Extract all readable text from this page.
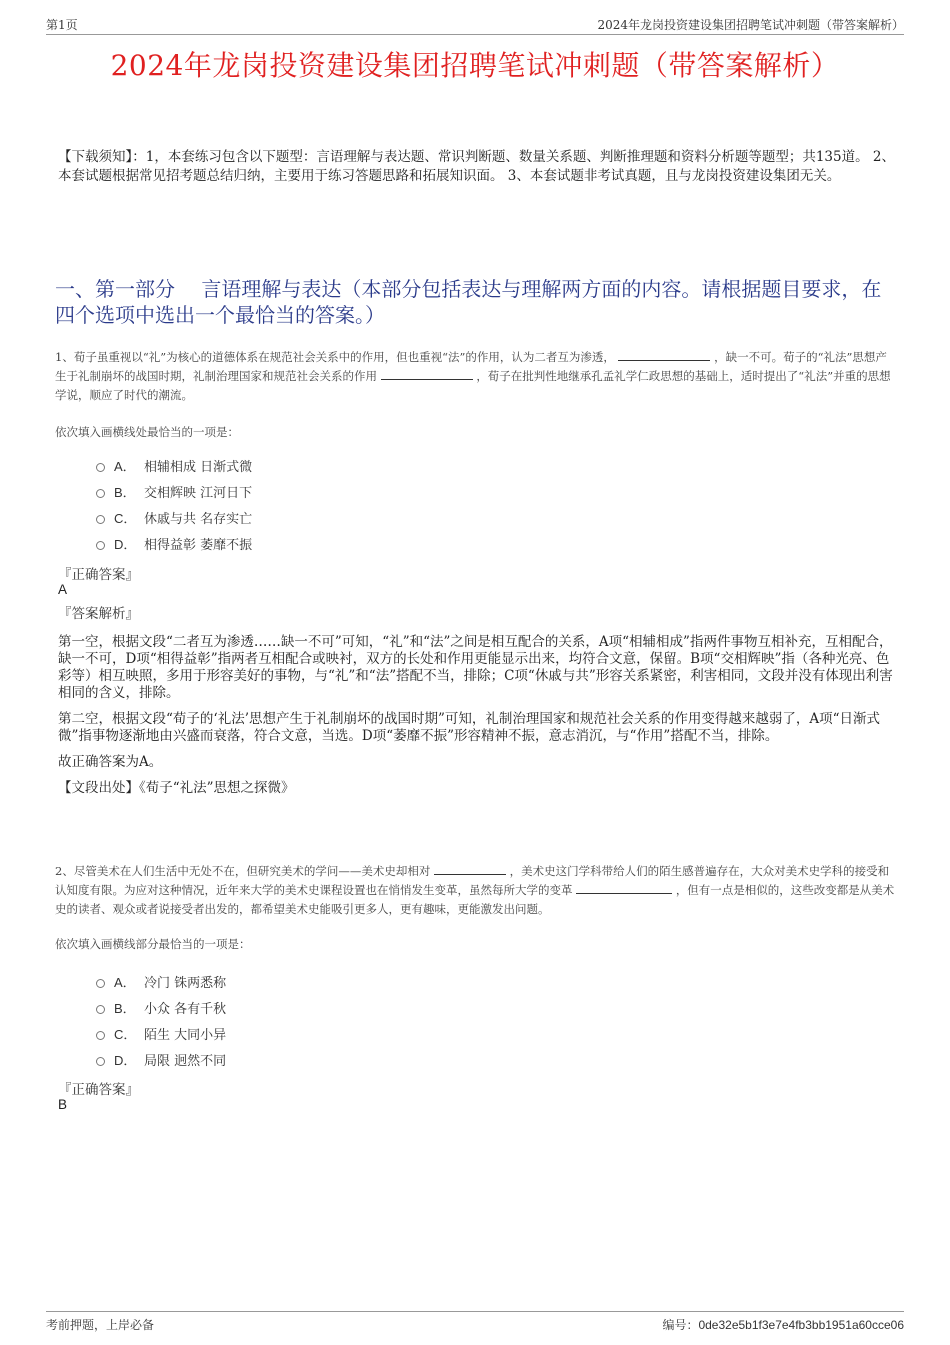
第1页	2024年龙岗投资建设集团招聘笔试冲刺题（带答案解析）
2024年龙岗投资建设集团招聘笔试冲刺题（带答案解析）
【下载须知】：1，本套练习包含以下题型：言语理解与表达题、常识判断题、数量关系题、判断推理题和资料分析题等题型；共135道。 2、本套试题根据常见招考题总结归纳，主要用于练习答题思路和拓展知识面。 3、本套试题非考试真题，且与龙岗投资建设集团无关。
一、第一部分　 言语理解与表达（本部分包括表达与理解两方面的内容。请根据题目要求，在四个选项中选出一个最恰当的答案。）
1、荀子虽重视以“礼”为核心的道德体系在规范社会关系中的作用，但也重视“法”的作用，认为二者互为渗透，	，缺一不可。荀子的“礼法”思想产生于礼制崩坏的战国时期，礼制治理国家和规范社会关系的作用	，荀子在批判性地继承孔孟礼学仁政思想的基础上，适时提出了“礼法”并重的思想学说，顺应了时代的潮流。
依次填入画横线处最恰当的一项是：
A． 相辅相成 日渐式微
B． 交相辉映 江河日下
C． 休戚与共 名存实亡
D． 相得益彰 萎靡不振
『正确答案』
A
『答案解析』

第一空，根据文段“二者互为渗透……缺一不可”可知，“礼”和“法”之间是相互配合的关系，A项“相辅相成”指两件事物互相补充，互相配合，缺一不可，D项“相得益彰”指两者互相配合或映衬，双方的长处和作用更能显示出来，均符合文意，保留。B项“交相辉映”指（各种光亮、色彩等）相互映照，多用于形容美好的事物，与“礼”和“法”搭配不当，排除；C项“休戚与共”形容关系紧密，利害相同，文段并没有体现出利害相同的含义，排除。

第二空，根据文段“荀子的‘礼法’思想产生于礼制崩坏的战国时期”可知，礼制治理国家和规范社会关系的作用变得越来越弱了，A项“日渐式微”指事物逐渐地由兴盛而衰落，符合文意，当选。D项“萎靡不振”形容精神不振，意志消沉，与“作用”搭配不当，排除。

故正确答案为A。

【文段出处】《荀子“礼法”思想之探微》

2、尽管美术在人们生活中无处不在，但研究美术的学问——美术史却相对	，美术史这门学科带给人们的陌生感普遍存在，大众对美术史学科的接受和认知度有限。为应对这种情况，近年来大学的美术史课程设置也在悄悄发生变革，虽然每所大学的变革	，但有一点是相似的，这些改变都是从美术史的读者、观众或者说接受者出发的，都希望美术史能吸引更多人，更有趣味，更能激发出问题。
依次填入画横线部分最恰当的一项是：
A． 冷门 铢两悉称
B． 小众 各有千秋
C． 陌生 大同小异
D． 局限 迥然不同
『正确答案』
B
考前押题，上岸必备	编号：0de32e5b1f3e7e4fb3bb1951a60cce06
